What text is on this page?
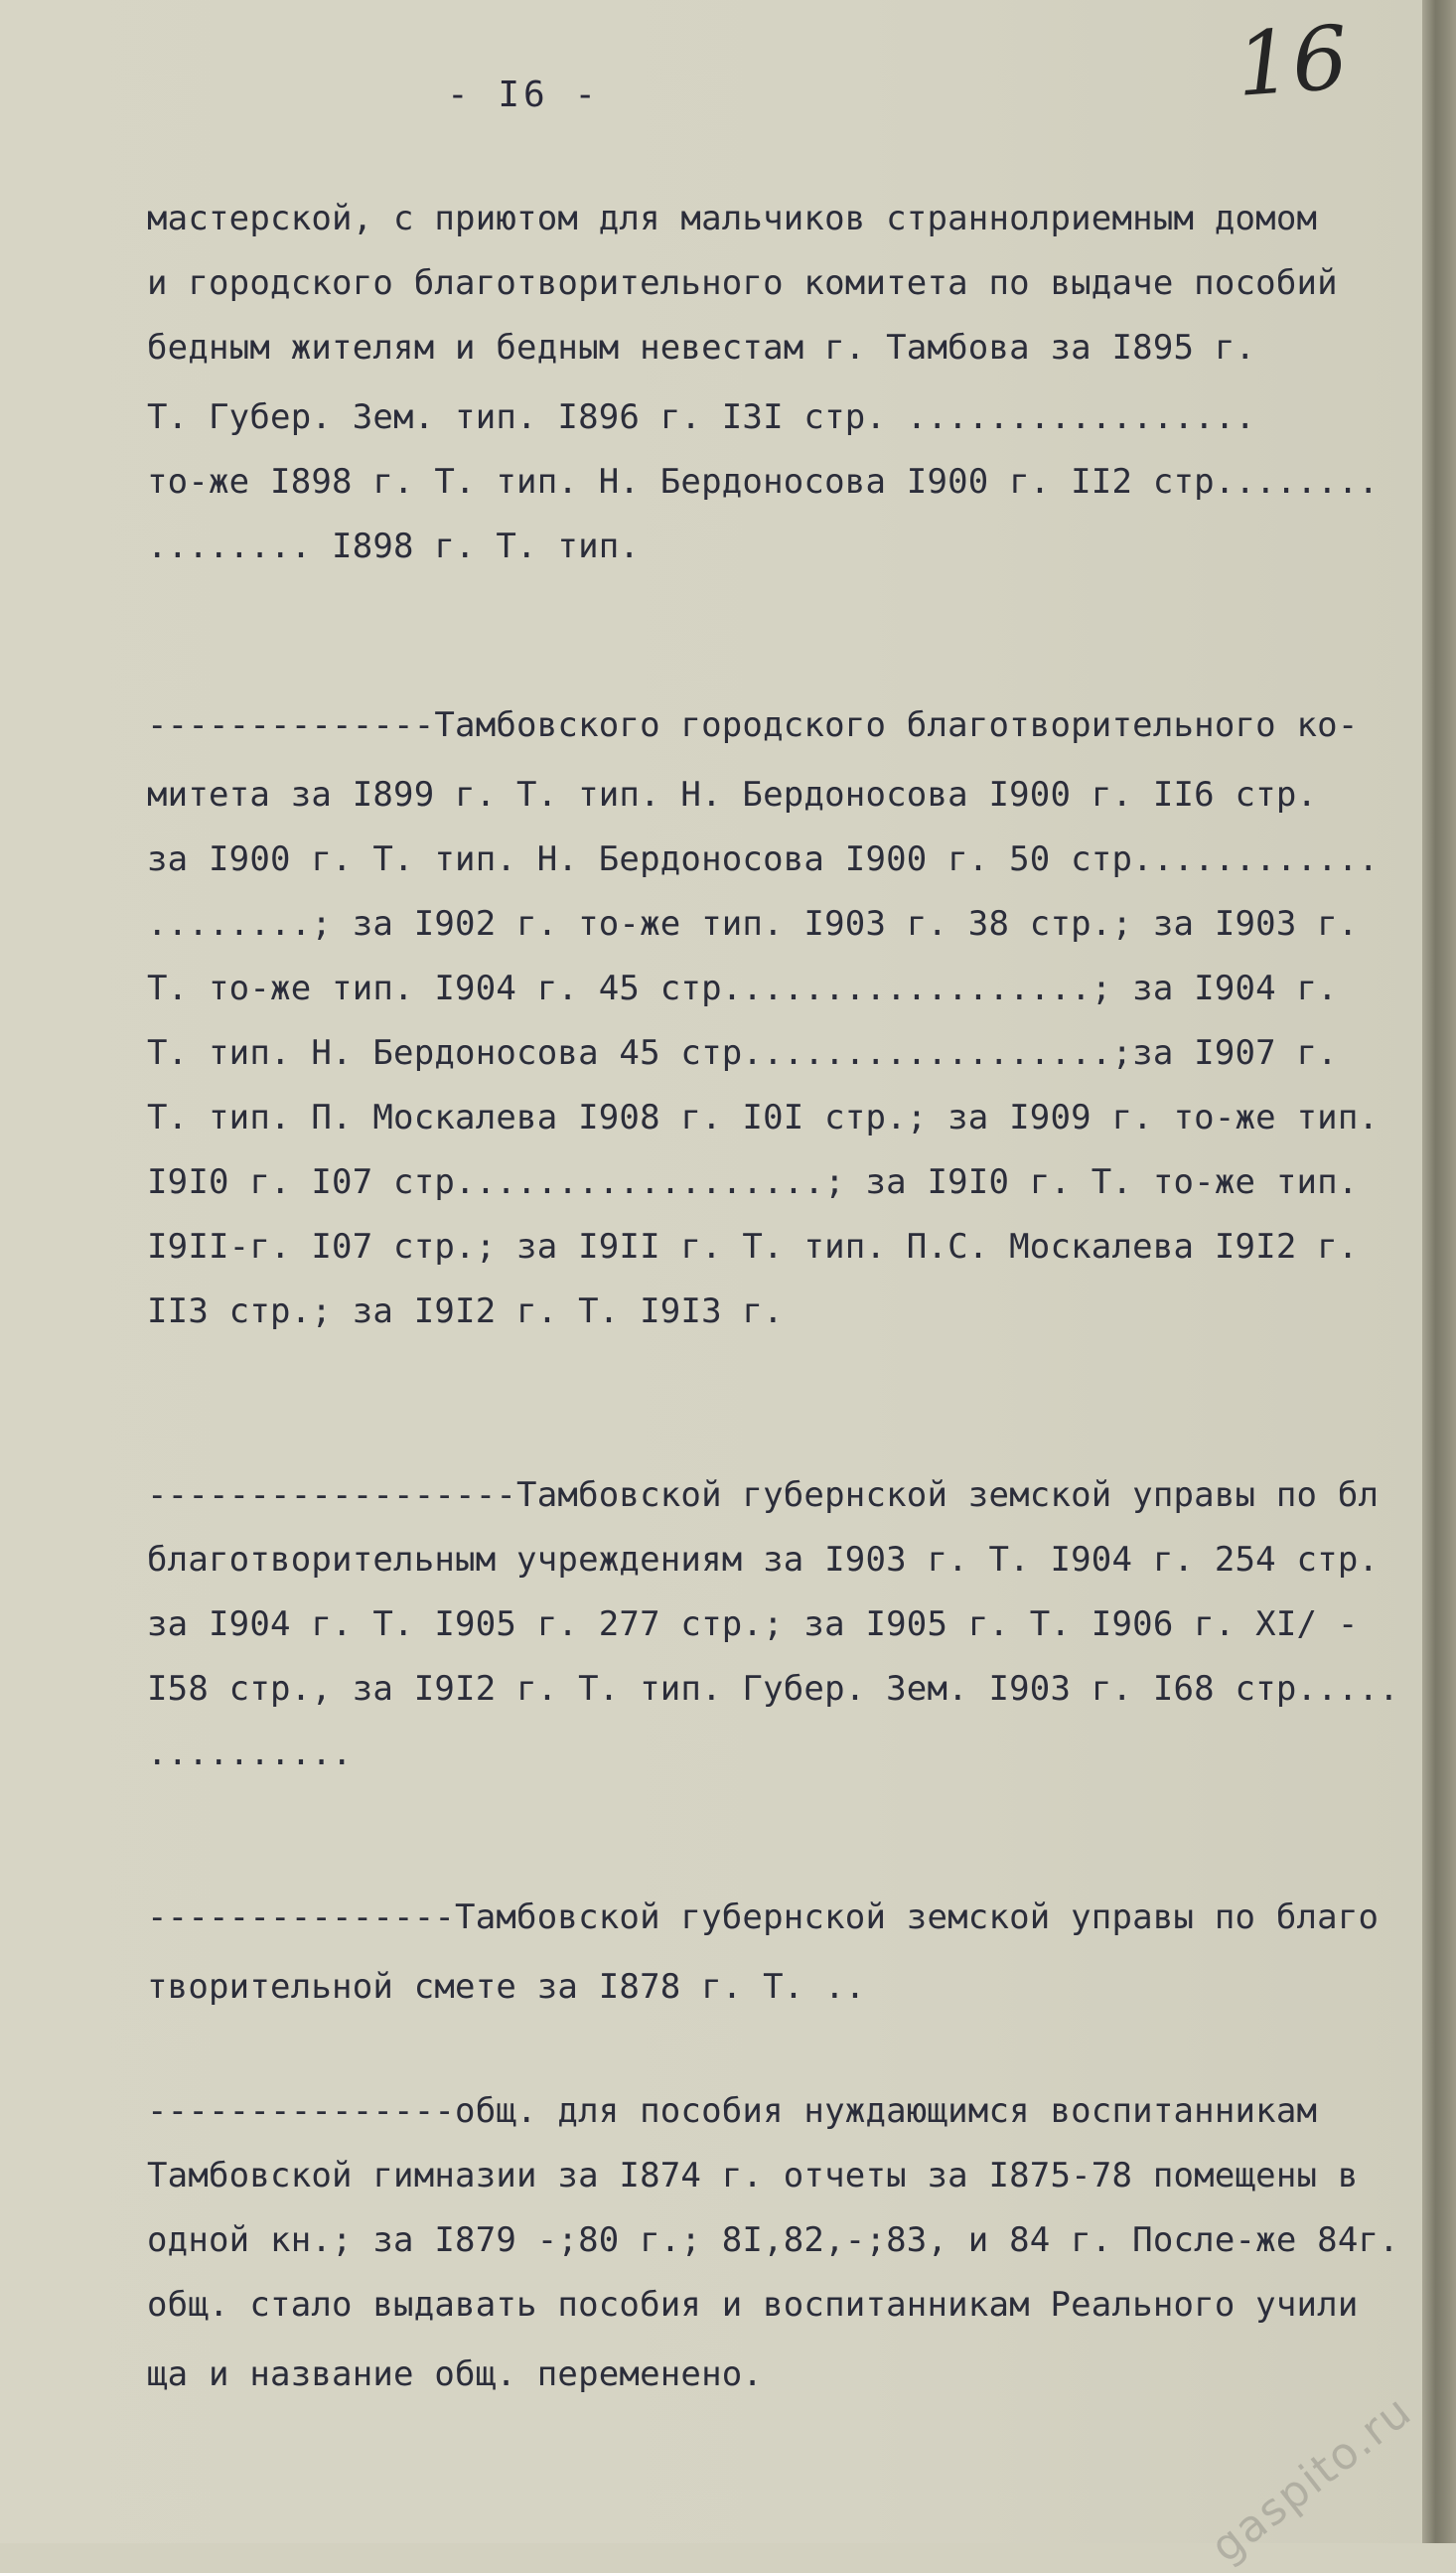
- I6 -	16
мастерской, с приютом для мальчиков страннолриемным домом
и городского благотворительного комитета по выдаче пособий
бедным жителям и бедным невестам г. Тамбова за I895 г.
Т. Губер. Зем. тип. I896 г. I3I стр. .................
то-же I898 г. Т. тип. Н. Бердоносова I900 г. II2 стр........
........ I898 г. Т. тип.
--------------Тамбовского городского благотворительного ко-
митета за I899 г. Т. тип. Н. Бердоносова I900 г. II6 стр.
за I900 г. Т. тип. Н. Бердоносова I900 г. 50 стр............
........; за I902 г. то-же тип. I903 г. 38 стр.; за I903 г.
Т. то-же тип. I904 г. 45 стр..................; за I904 г.
Т. тип. Н. Бердоносова 45 стр..................;за I907 г.
Т. тип. П. Москалева I908 г. I0I стр.; за I909 г. то-же тип.
I9I0 г. I07 стр..................; за I9I0 г. Т. то-же тип.
I9II-г. I07 стр.; за I9II г. Т. тип. П.С. Москалева I9I2 г.
II3 стр.; за I9I2 г. Т. I9I3 г.
------------------Тамбовской губернской земской управы по бл
благотворительным учреждениям за I903 г. Т. I904 г. 254 стр.
за I904 г. Т. I905 г. 277 стр.; за I905 г. Т. I906 г. XI/ -
I58 стр., за I9I2 г. Т. тип. Губер. Зем. I903 г. I68 стр.....
..........
---------------Тамбовской губернской земской управы по благо
творительной смете за I878 г. Т. ..
---------------общ. для пособия нуждающимся воспитанникам
Тамбовской гимназии за I874 г. отчеты за I875-78 помещены в
одной кн.; за I879 -;80 г.; 8I,82,-;83, и 84 г. После-же 84г.
общ. стало выдавать пособия и воспитанникам Реального учили
ща и название общ. переменено.
gaspito.ru
